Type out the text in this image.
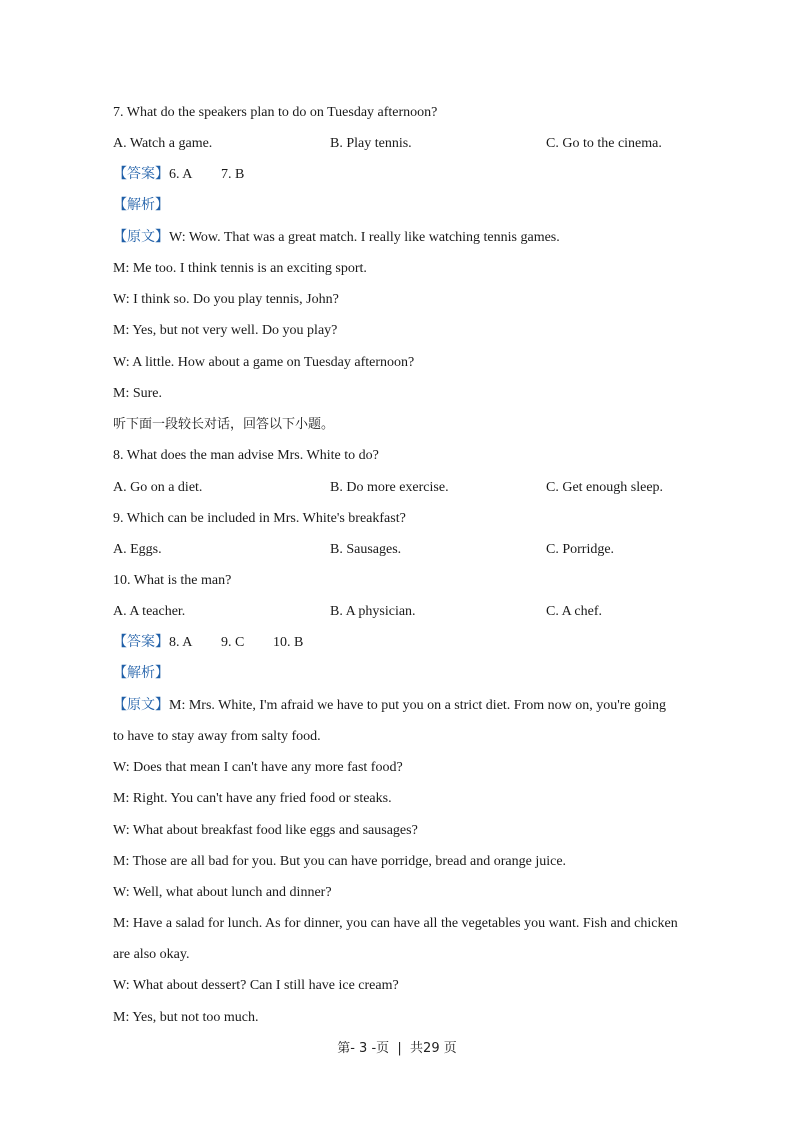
7. What do the speakers plan to do on Tuesday afternoon?
A. Watch a game.	B. Play tennis.	C. Go to the cinema.
【答案】6. A 7. B
【解析】
【原文】W: Wow. That was a great match. I really like watching tennis games.
M: Me too. I think tennis is an exciting sport.
W: I think so. Do you play tennis, John?
M: Yes, but not very well. Do you play?
W: A little. How about a game on Tuesday afternoon?
M: Sure.
听下面一段较长对话，回答以下小题。
8. What does the man advise Mrs. White to do?
A. Go on a diet.	B. Do more exercise.	C. Get enough sleep.
9. Which can be included in Mrs. White's breakfast?
A. Eggs.	B. Sausages.	C. Porridge.
10. What is the man?
A. A teacher.	B. A physician.	C. A chef.
【答案】8. A 9. C 10. B
【解析】
【原文】M: Mrs. White, I'm afraid we have to put you on a strict diet. From now on, you're going
to have to stay away from salty food.
W: Does that mean I can't have any more fast food?
M: Right. You can't have any fried food or steaks.
W: What about breakfast food like eggs and sausages?
M: Those are all bad for you. But you can have porridge, bread and orange juice.
W: Well, what about lunch and dinner?
M: Have a salad for lunch. As for dinner, you can have all the vegetables you want. Fish and chicken
are also okay.
W: What about dessert? Can I still have ice cream?
M: Yes, but not too much.
第- 3 -页  |  共29 页
